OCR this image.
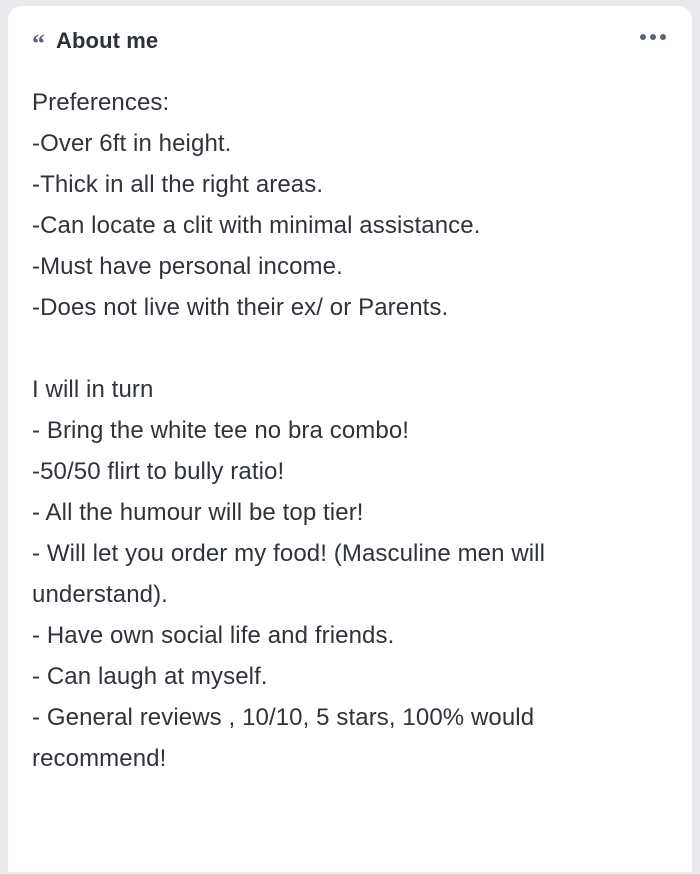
“ About me
Preferences:
-Over 6ft in height.
-Thick in all the right areas.
-Can locate a clit with minimal assistance.
-Must have personal income.
-Does not live with their ex/ or Parents.
I will in turn
- Bring the white tee no bra combo!
-50/50 flirt to bully ratio!
- All the humour will be top tier!
- Will let you order my food! (Masculine men will understand).
- Have own social life and friends.
- Can laugh at myself.
- General reviews , 10/10, 5 stars, 100% would recommend!
